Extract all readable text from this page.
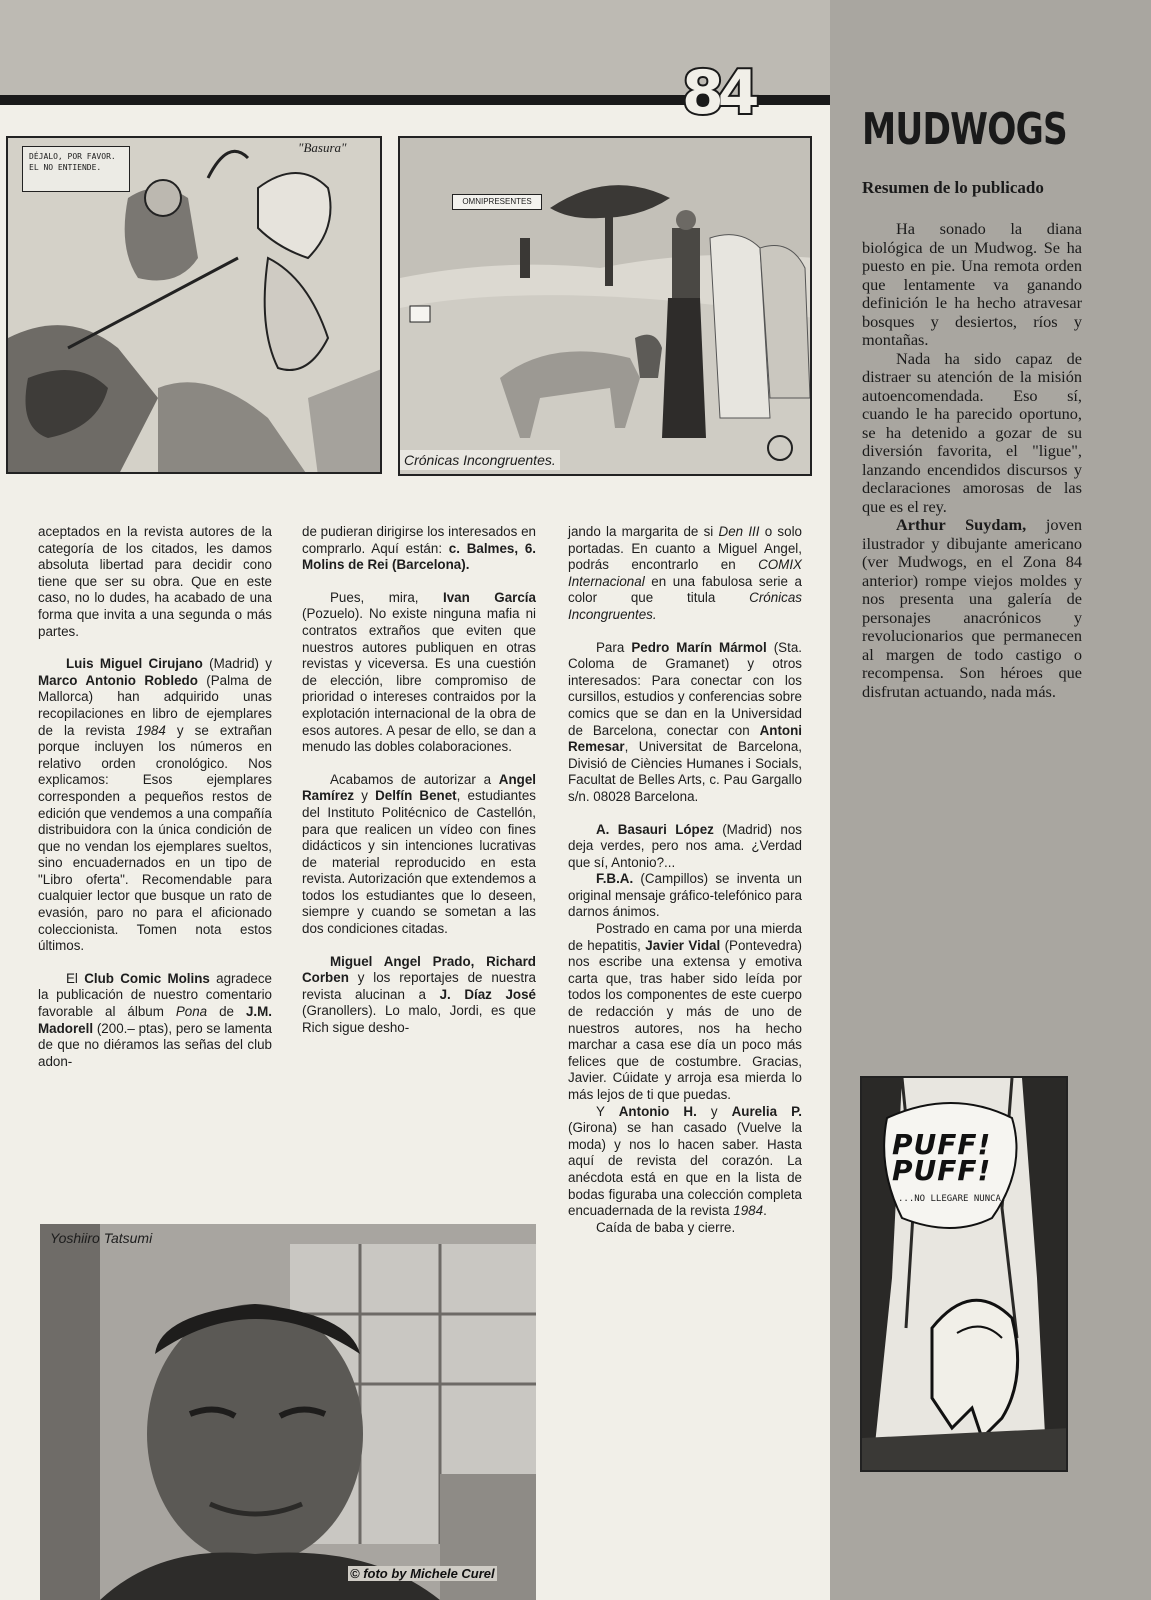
84
zona
DÉJALO, POR FAVOR. EL NO ENTIENDE.
"Basura"
OMNIPRESENTES
Crónicas Incongruentes.
MUDWOGS
Resumen de lo publicado

Ha sonado la diana biológica de un Mudwog. Se ha puesto en pie. Una remota orden que lentamente va ganando definición le ha hecho atravesar bosques y desiertos, ríos y montañas.

Nada ha sido capaz de distraer su atención de la misión autoencomendada. Eso sí, cuando le ha parecido oportuno, se ha detenido a gozar de su diversión favorita, el "ligue", lanzando encendidos discursos y declaraciones amorosas de las que es el rey.

Arthur Suydam, joven ilustrador y dibujante americano (ver Mudwogs, en el Zona 84 anterior) rompe viejos moldes y nos presenta una galería de personajes anacrónicos y revolucionarios que permanecen al margen de todo castigo o recompensa. Son héroes que disfrutan actuando, nada más.

aceptados en la revista autores de la categoría de los citados, les damos absoluta libertad para decidir cono tiene que ser su obra. Que en este caso, no lo dudes, ha acabado de una forma que invita a una segunda o más partes.

Luis Miguel Cirujano (Madrid) y Marco Antonio Robledo (Palma de Mallorca) han adquirido unas recopilaciones en libro de ejemplares de la revista 1984 y se extrañan porque incluyen los números en relativo orden cronológico. Nos explicamos: Esos ejemplares corresponden a pequeños restos de edición que vendemos a una compañía distribuidora con la única condición de que no vendan los ejemplares sueltos, sino encuadernados en un tipo de "Libro oferta". Recomendable para cualquier lector que busque un rato de evasión, paro no para el aficionado coleccionista. Tomen nota estos últimos.

El Club Comic Molins agradece la publicación de nuestro comentario favorable al álbum Pona de J.M. Madorell (200.– ptas), pero se lamenta de que no diéramos las señas del club adon-

de pudieran dirigirse los interesados en comprarlo. Aquí están: c. Balmes, 6. Molins de Rei (Barcelona).

Pues, mira, Ivan García (Pozuelo). No existe ninguna mafia ni contratos extraños que eviten que nuestros autores publiquen en otras revistas y viceversa. Es una cuestión de elección, libre compromiso de prioridad o intereses contraidos por la explotación internacional de la obra de esos autores. A pesar de ello, se dan a menudo las dobles colaboraciones.

Acabamos de autorizar a Angel Ramírez y Delfín Benet, estudiantes del Instituto Politécnico de Castellón, para que realicen un vídeo con fines didácticos y sin intenciones lucrativas de material reproducido en esta revista. Autorización que extendemos a todos los estudiantes que lo deseen, siempre y cuando se sometan a las dos condiciones citadas.

Miguel Angel Prado, Richard Corben y los reportajes de nuestra revista alucinan a J. Díaz José (Granollers). Lo malo, Jordi, es que Rich sigue desho-

jando la margarita de si Den III o solo portadas. En cuanto a Miguel Angel, podrás encontrarlo en COMIX Internacional en una fabulosa serie a color que titula Crónicas Incongruentes.

Para Pedro Marín Mármol (Sta. Coloma de Gramanet) y otros interesados: Para conectar con los cursillos, estudios y conferencias sobre comics que se dan en la Universidad de Barcelona, conectar con Antoni Remesar, Universitat de Barcelona, Divisió de Ciències Humanes i Socials, Facultat de Belles Arts, c. Pau Gargallo s/n. 08028 Barcelona.

A. Basauri López (Madrid) nos deja verdes, pero nos ama. ¿Verdad que sí, Antonio?...

F.B.A. (Campillos) se inventa un original mensaje gráfico-telefónico para darnos ánimos.

Postrado en cama por una mierda de hepatitis, Javier Vidal (Pontevedra) nos escribe una extensa y emotiva carta que, tras haber sido leída por todos los componentes de este cuerpo de redacción y más de uno de nuestros autores, nos ha hecho marchar a casa ese día un poco más felices que de costumbre. Gracias, Javier. Cúidate y arroja esa mierda lo más lejos de ti que puedas.

Y Antonio H. y Aurelia P. (Girona) se han casado (Vuelve la moda) y nos lo hacen saber. Hasta aquí de revista del corazón. La anécdota está en que en la lista de bodas figuraba una colección completa encuadernada de la revista 1984.

Caída de baba y cierre.

Yoshiiro Tatsumi
© foto by Michele Curel
PUFF!
PUFF!
...NO LLEGARE NUNCA.
